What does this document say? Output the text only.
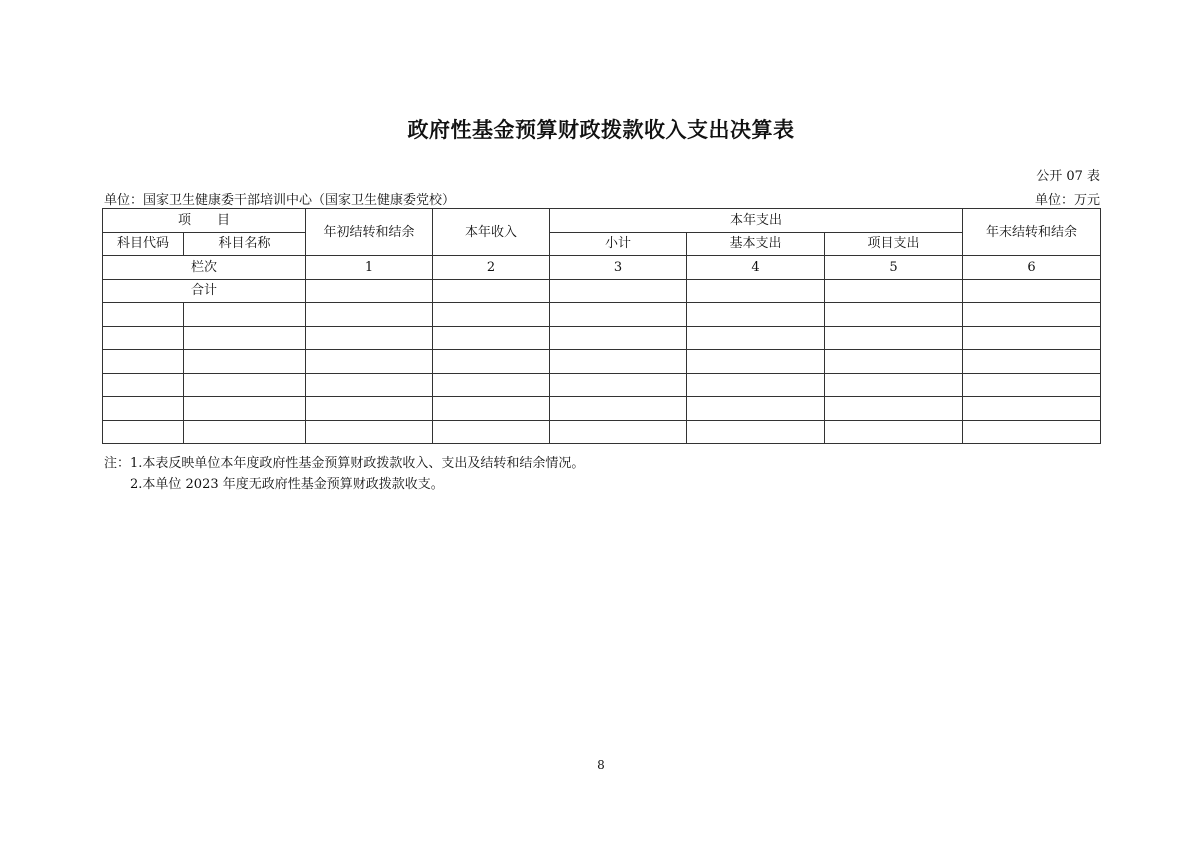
政府性基金预算财政拨款收入支出决算表
公开 07 表
单位：国家卫生健康委干部培训中心（国家卫生健康委党校）	单位：万元
项　　目		年初结转和结余	本年收入	本年支出			年末结转和结余
科目代码	科目名称			小计	基本支出	项目支出	
栏次		1	2	3	4	5	6
合计							

注：1.本表反映单位本年度政府性基金预算财政拨款收入、支出及结转和结余情况。
2.本单位 2023 年度无政府性基金预算财政拨款收支。
8
